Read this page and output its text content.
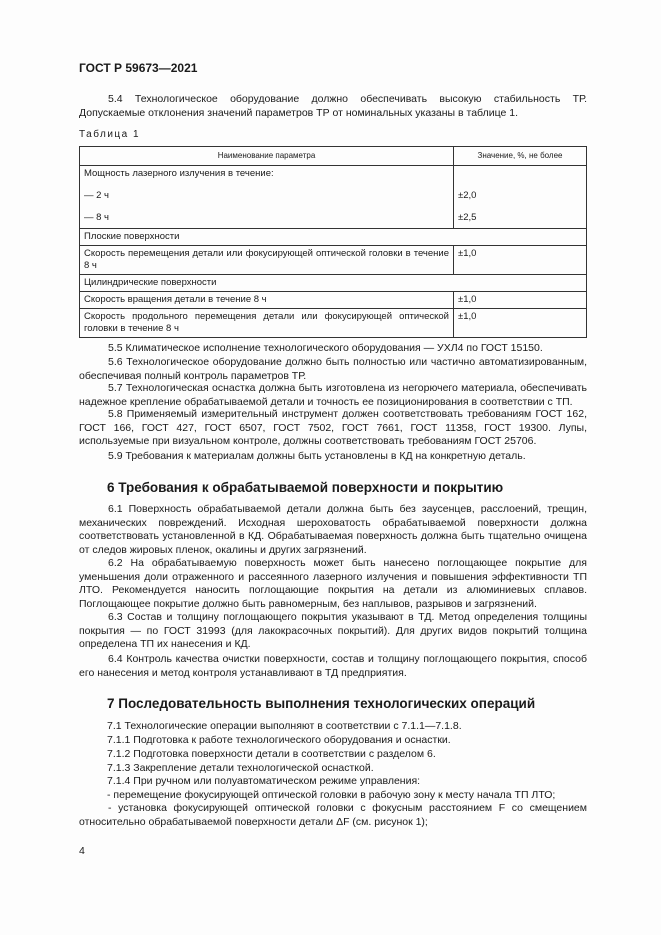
ГОСТ Р 59673—2021
5.4 Технологическое оборудование должно обеспечивать высокую стабильность ТР. Допускаемые отклонения значений параметров ТР от номинальных указаны в таблице 1.
Таблица 1
Наименование параметра	Значение, %, не более
Мощность лазерного излучения в течение:	
— 2 ч	±2,0
— 8 ч	±2,5
Плоские поверхности	
Скорость перемещения детали или фокусирующей оптической головки в течение 8 ч	±1,0
Цилиндрические поверхности	
Скорость вращения детали в течение 8 ч	±1,0
Скорость продольного перемещения детали или фокусирующей оптической головки в течение 8 ч	±1,0
5.5 Климатическое исполнение технологического оборудования — УХЛ4 по ГОСТ 15150.
5.6 Технологическое оборудование должно быть полностью или частично автоматизированным, обеспечивая полный контроль параметров ТР.
5.7 Технологическая оснастка должна быть изготовлена из негорючего материала, обеспечивать надежное крепление обрабатываемой детали и точность ее позиционирования в соответствии с ТП.
5.8 Применяемый измерительный инструмент должен соответствовать требованиям ГОСТ 162, ГОСТ 166, ГОСТ 427, ГОСТ 6507, ГОСТ 7502, ГОСТ 7661, ГОСТ 11358, ГОСТ 19300. Лупы, используемые при визуальном контроле, должны соответствовать требованиям ГОСТ 25706.
5.9 Требования к материалам должны быть установлены в КД на конкретную деталь.
6 Требования к обрабатываемой поверхности и покрытию
6.1 Поверхность обрабатываемой детали должна быть без заусенцев, расслоений, трещин, механических повреждений. Исходная шероховатость обрабатываемой поверхности должна соответствовать установленной в КД. Обрабатываемая поверхность должна быть тщательно очищена от следов жировых пленок, окалины и других загрязнений.
6.2 На обрабатываемую поверхность может быть нанесено поглощающее покрытие для уменьшения доли отраженного и рассеянного лазерного излучения и повышения эффективности ТП ЛТО. Рекомендуется наносить поглощающие покрытия на детали из алюминиевых сплавов. Поглощающее покрытие должно быть равномерным, без наплывов, разрывов и загрязнений.
6.3 Состав и толщину поглощающего покрытия указывают в ТД. Метод определения толщины покрытия — по ГОСТ 31993 (для лакокрасочных покрытий). Для других видов покрытий толщина определена ТП их нанесения и КД.
6.4 Контроль качества очистки поверхности, состав и толщину поглощающего покрытия, способ его нанесения и метод контроля устанавливают в ТД предприятия.
7 Последовательность выполнения технологических операций
7.1 Технологические операции выполняют в соответствии с 7.1.1—7.1.8.
7.1.1 Подготовка к работе технологического оборудования и оснастки.
7.1.2 Подготовка поверхности детали в соответствии с разделом 6.
7.1.3 Закрепление детали технологической оснасткой.
7.1.4 При ручном или полуавтоматическом режиме управления:
- перемещение фокусирующей оптической головки в рабочую зону к месту начала ТП ЛТО;
- установка фокусирующей оптической головки с фокусным расстоянием F со смещением относительно обрабатываемой поверхности детали ΔF (см. рисунок 1);
4
